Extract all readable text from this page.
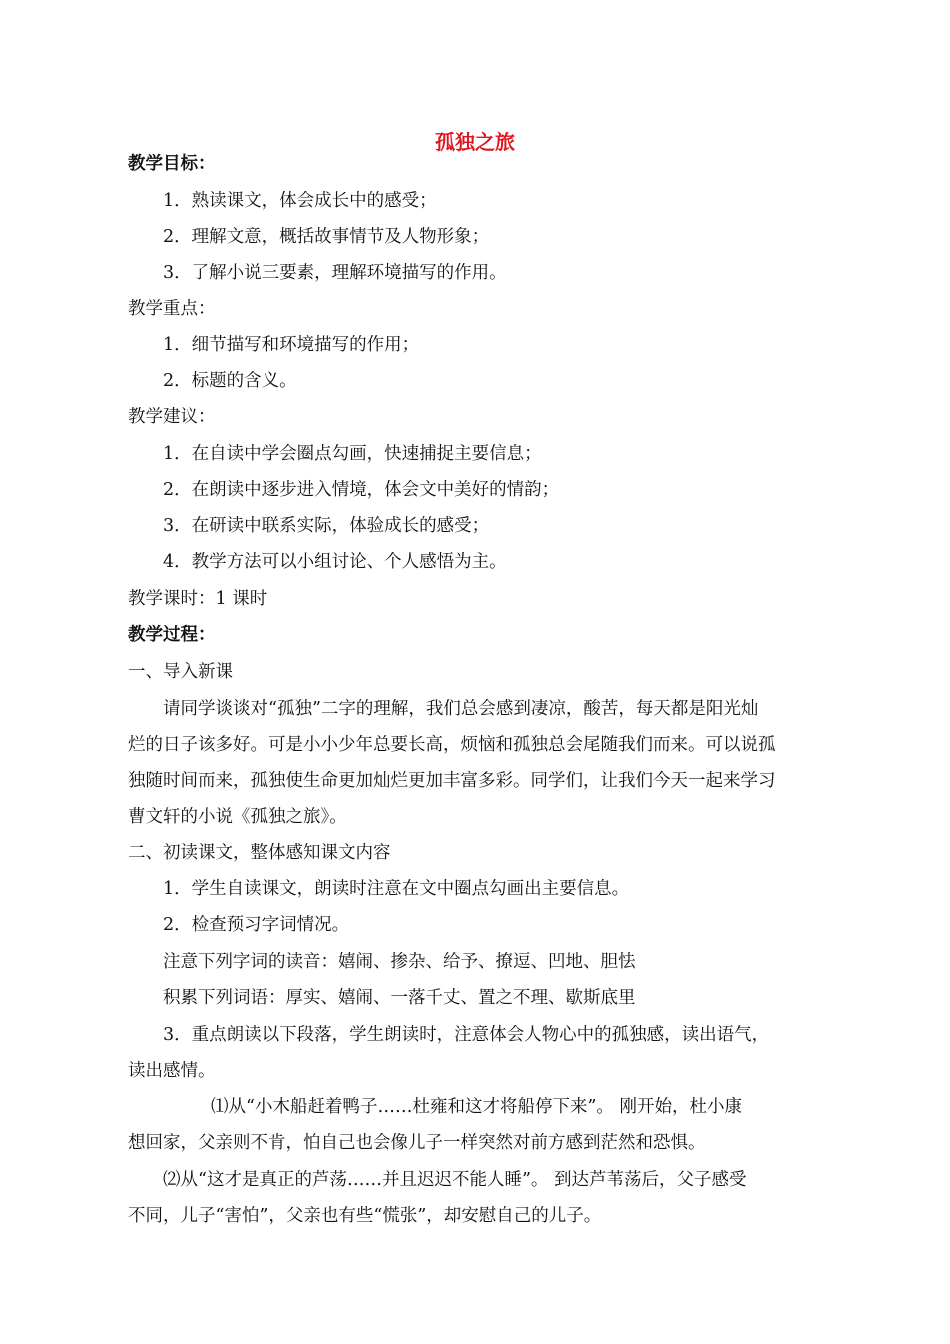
孤独之旅
教学目标：
1．熟读课文，体会成长中的感受；
2．理解文意，概括故事情节及人物形象；
3．了解小说三要素，理解环境描写的作用。
教学重点：
1．细节描写和环境描写的作用；
2．标题的含义。
教学建议：
1．在自读中学会圈点勾画，快速捕捉主要信息；
2．在朗读中逐步进入情境，体会文中美好的情韵；
3．在研读中联系实际，体验成长的感受；
4．教学方法可以小组讨论、个人感悟为主。
教学课时：1 课时
教学过程：
一、导入新课
请同学谈谈对“孤独”二字的理解，我们总会感到凄凉，酸苦，每天都是阳光灿
烂的日子该多好。可是小小少年总要长高，烦恼和孤独总会尾随我们而来。可以说孤
独随时间而来，孤独使生命更加灿烂更加丰富多彩。同学们，让我们今天一起来学习
曹文轩的小说《孤独之旅》。
二、初读课文，整体感知课文内容
1．学生自读课文，朗读时注意在文中圈点勾画出主要信息。
2．检查预习字词情况。
注意下列字词的读音：嬉闹、掺杂、给予、撩逗、凹地、胆怯
积累下列词语：厚实、嬉闹、一落千丈、置之不理、歇斯底里
3．重点朗读以下段落，学生朗读时，注意体会人物心中的孤独感，读出语气，
读出感情。
⑴从“小木船赶着鸭子……杜雍和这才将船停下来”。 刚开始，杜小康
想回家，父亲则不肯，怕自己也会像儿子一样突然对前方感到茫然和恐惧。
⑵从“这才是真正的芦荡……并且迟迟不能人睡”。 到达芦苇荡后，父子感受
不同，儿子“害怕”，父亲也有些“慌张”，却安慰自己的儿子。
